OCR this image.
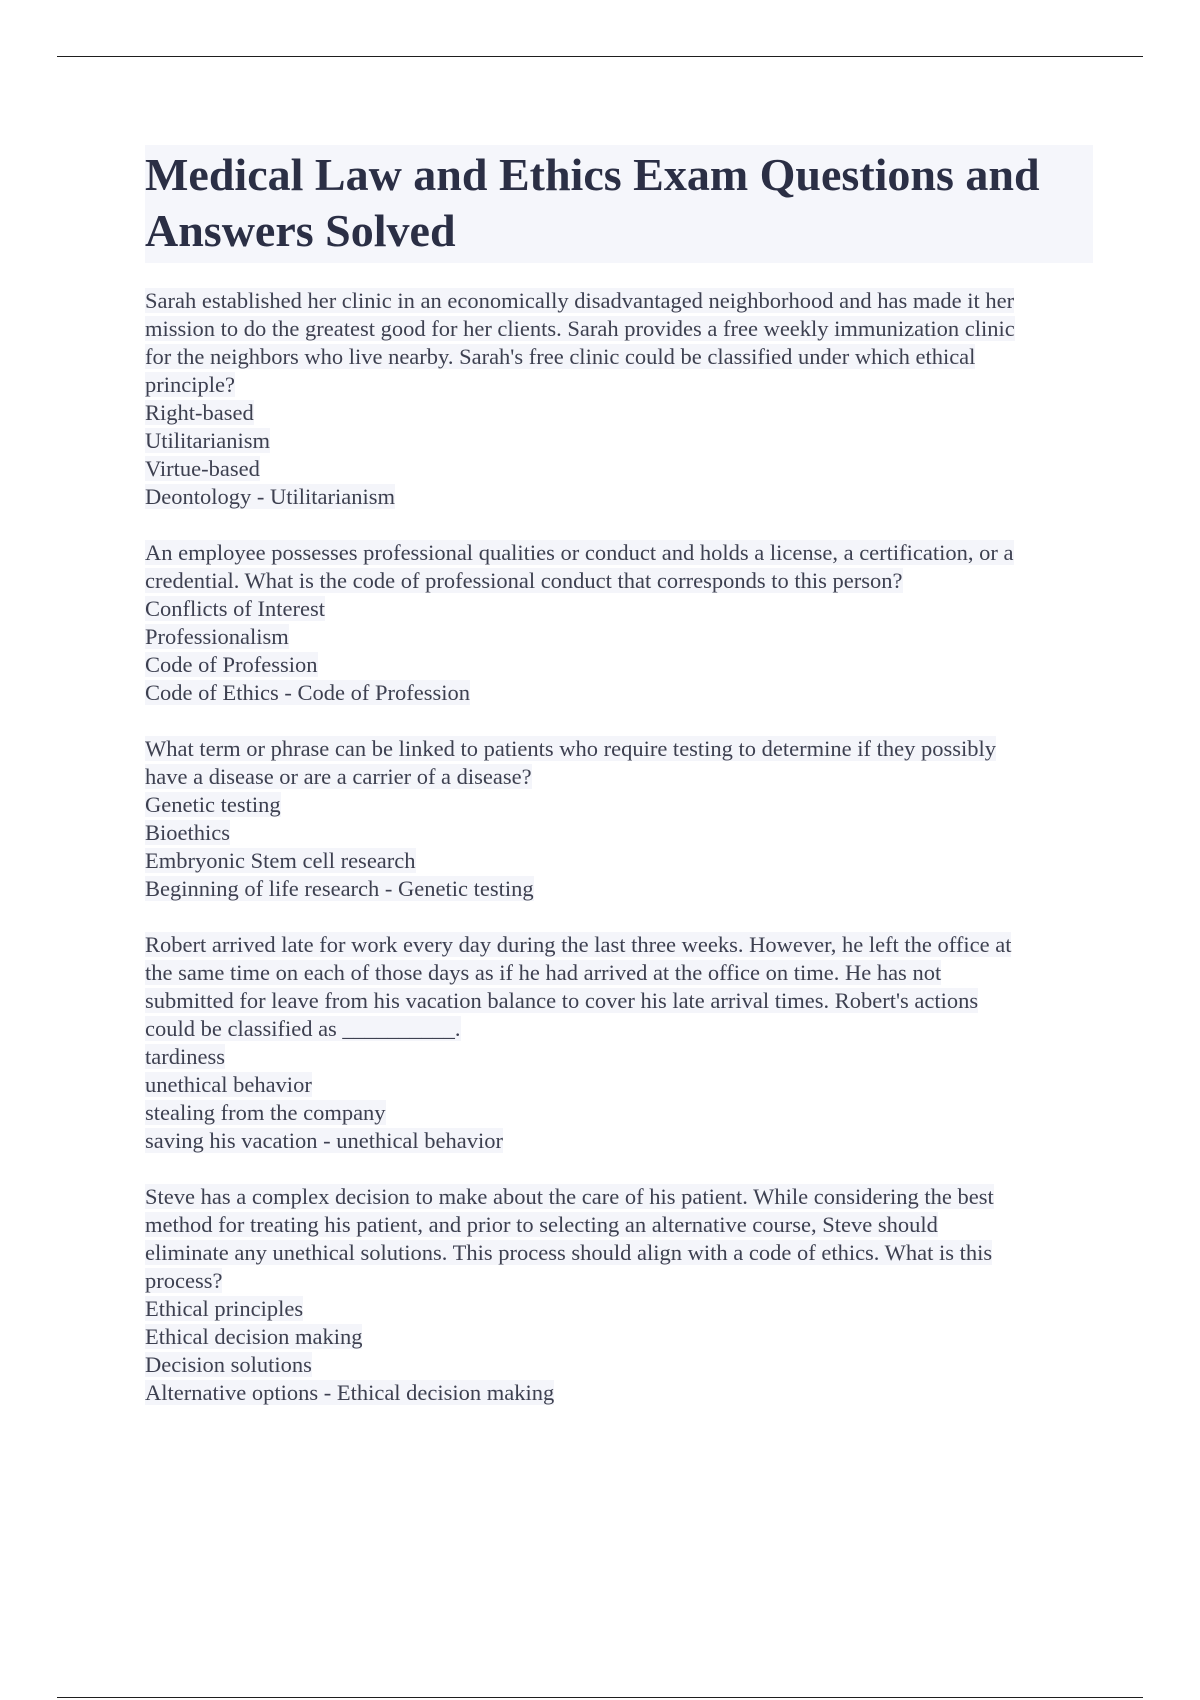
Medical Law and Ethics Exam Questions and Answers Solved
Sarah established her clinic in an economically disadvantaged neighborhood and has made it her
mission to do the greatest good for her clients. Sarah provides a free weekly immunization clinic
for the neighbors who live nearby. Sarah's free clinic could be classified under which ethical
principle?
Right-based
Utilitarianism
Virtue-based
Deontology - Utilitarianism
An employee possesses professional qualities or conduct and holds a license, a certification, or a
credential. What is the code of professional conduct that corresponds to this person?
Conflicts of Interest
Professionalism
Code of Profession
Code of Ethics - Code of Profession
What term or phrase can be linked to patients who require testing to determine if they possibly
have a disease or are a carrier of a disease?
Genetic testing
Bioethics
Embryonic Stem cell research
Beginning of life research - Genetic testing
Robert arrived late for work every day during the last three weeks. However, he left the office at
the same time on each of those days as if he had arrived at the office on time. He has not
submitted for leave from his vacation balance to cover his late arrival times. Robert's actions
could be classified as __________.
tardiness
unethical behavior
stealing from the company
saving his vacation - unethical behavior
Steve has a complex decision to make about the care of his patient. While considering the best
method for treating his patient, and prior to selecting an alternative course, Steve should
eliminate any unethical solutions. This process should align with a code of ethics. What is this
process?
Ethical principles
Ethical decision making
Decision solutions
Alternative options - Ethical decision making
